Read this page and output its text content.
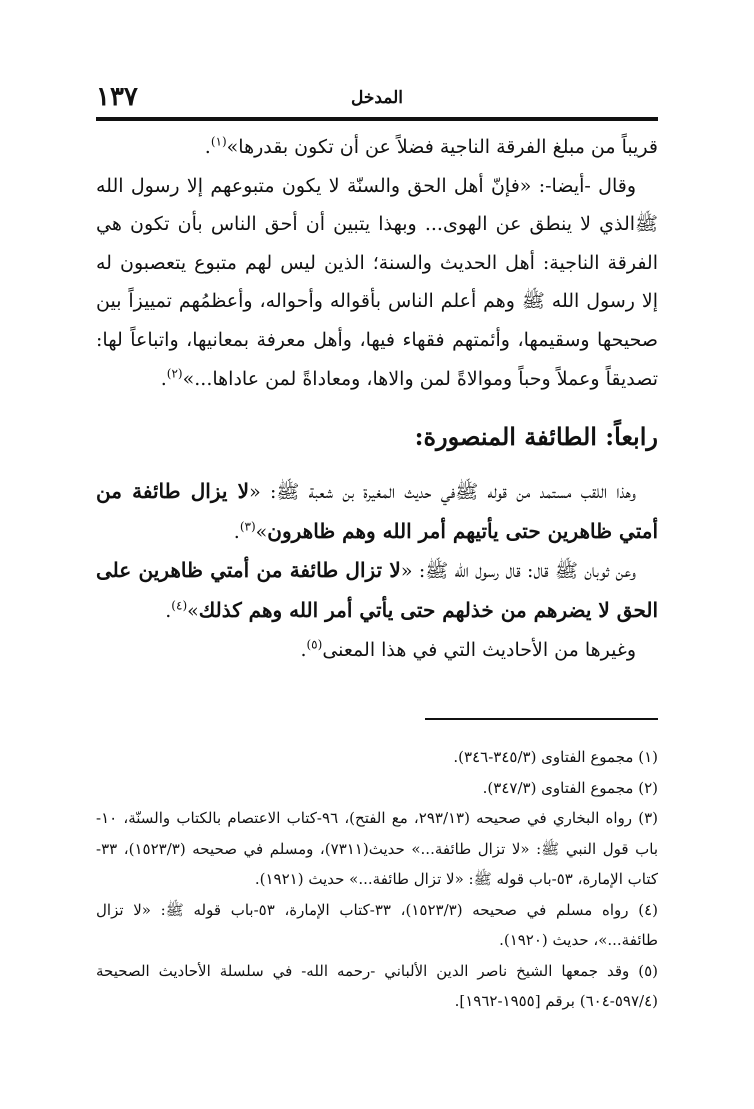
١٣٧	المدخل

قريباً من مبلغ الفرقة الناجية فضلاً عن أن تكون بقدرها»$^{(١)}$.

وقال -أيضا-: «فإنّ أهل الحق والسنّة لا يكون متبوعهم إلا رسول الله ﷺالذي لا ينطق عن الهوى... وبهذا يتبين أن أحق الناس بأن تكون هي الفرقة الناجية: أهل الحديث والسنة؛ الذين ليس لهم متبوع يتعصبون له إلا رسول الله ﷺ وهم أعلم الناس بأقواله وأحواله، وأعظمُهم تمييزاً بين صحيحها وسقيمها، وأئمتهم فقهاء فيها، وأهل معرفة بمعانيها، واتباعاً لها: تصديقاً وعملاً وحباً وموالاةً لمن والاها، ومعاداةً لمن عاداها...»$^{(٢)}$.

رابعاً: الطائفة المنصورة:

وهذا اللقب مستمد من قوله ﷺفي حديث المغيرة بن شعبة ﷺ: «لا يزال طائفة من أمتي ظاهرين حتى يأتيهم أمر الله وهم ظاهرون»$^{(٣)}$.

وعن ثوبان ﷺ قال: قال رسول الله ﷺ: «لا تزال طائفة من أمتي ظاهرين على الحق لا يضرهم من خذلهم حتى يأتي أمر الله وهم كذلك»$^{(٤)}$.

وغيرها من الأحاديث التي في هذا المعنى$^{(٥)}$.

(١) مجموع الفتاوى (٣٤٥/٣-٣٤٦).

(٢) مجموع الفتاوى (٣٤٧/٣).

(٣) رواه البخاري في صحيحه (٢٩٣/١٣، مع الفتح)، ٩٦-كتاب الاعتصام بالكتاب والسنّة، ١٠-باب قول النبي ﷺ: «لا تزال طائفة...» حديث(٧٣١١)، ومسلم في صحيحه (١٥٢٣/٣)، ٣٣-كتاب الإمارة، ٥٣-باب قوله ﷺ: «لا تزال طائفة...» حديث (١٩٢١).

(٤) رواه مسلم في صحيحه (١٥٢٣/٣)، ٣٣-كتاب الإمارة، ٥٣-باب قوله ﷺ: «لا تزال طائفة...»، حديث (١٩٢٠).

(٥) وقد جمعها الشيخ ناصر الدين الألباني -رحمه الله- في سلسلة الأحاديث الصحيحة (٥٩٧/٤-٦٠٤) برقم [١٩٥٥-١٩٦٢].
